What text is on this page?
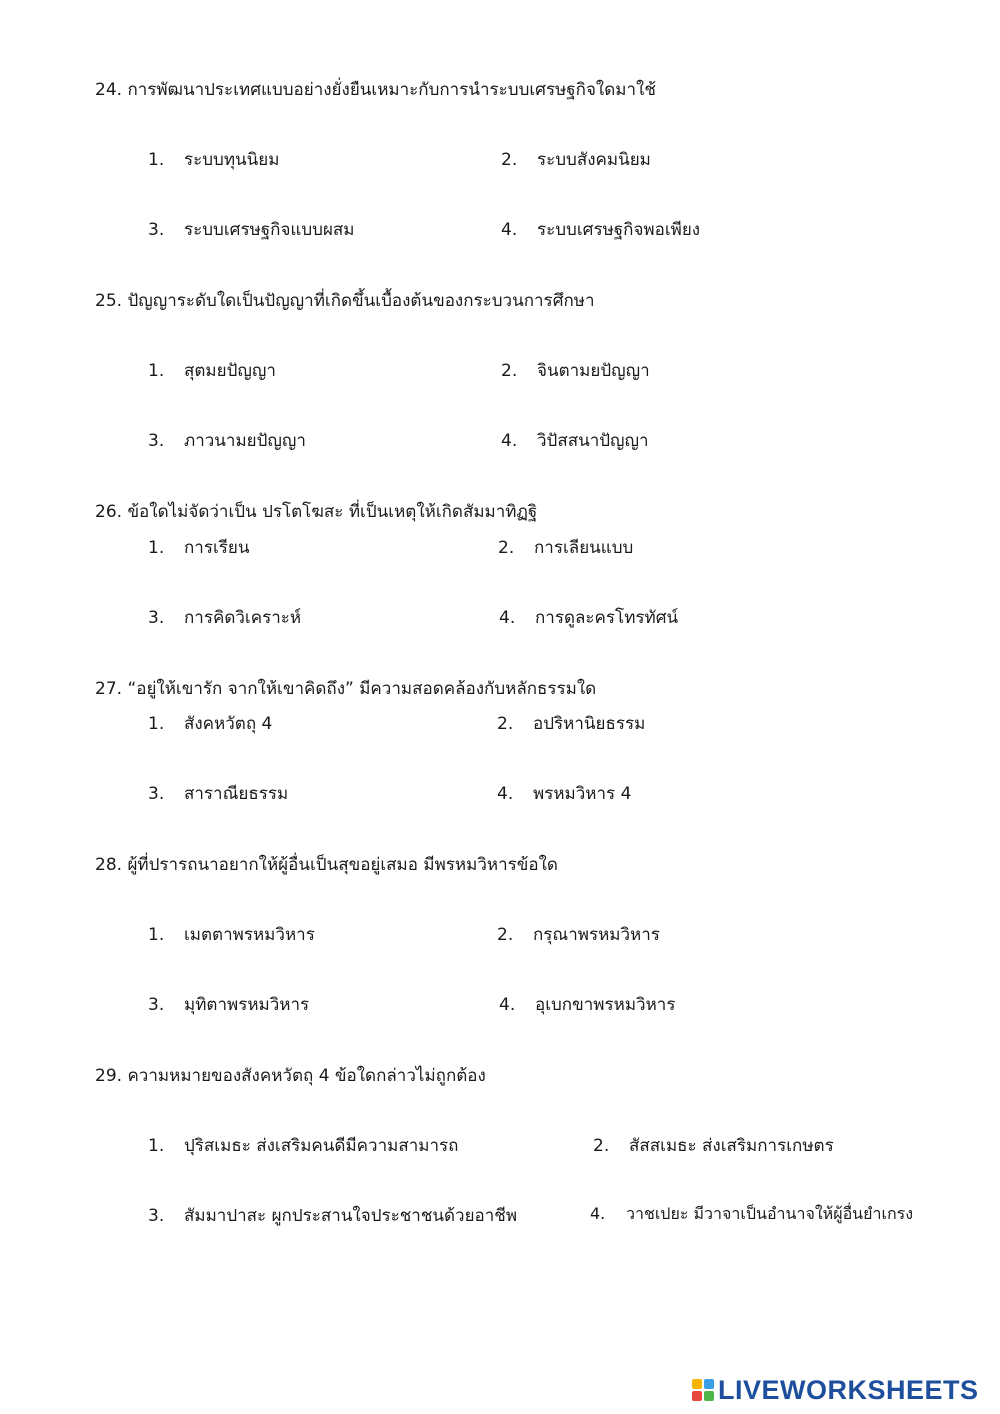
24. การพัฒนาประเทศแบบอย่างยั่งยืนเหมาะกับการนำระบบเศรษฐกิจใดมาใช้
1. ระบบทุนนิยม	2. ระบบสังคมนิยม
3. ระบบเศรษฐกิจแบบผสม	4. ระบบเศรษฐกิจพอเพียง
25. ปัญญาระดับใดเป็นปัญญาที่เกิดขึ้นเบื้องต้นของกระบวนการศึกษา
1. สุตมยปัญญา	2. จินตามยปัญญา
3. ภาวนามยปัญญา	4. วิปัสสนาปัญญา
26. ข้อใดไม่จัดว่าเป็น ปรโตโฆสะ ที่เป็นเหตุให้เกิดสัมมาทิฏฐิ
1. การเรียน	2. การเลียนแบบ
3. การคิดวิเคราะห์	4. การดูละครโทรทัศน์
27. “อยู่ให้เขารัก จากให้เขาคิดถึง” มีความสอดคล้องกับหลักธรรมใด
1. สังคหวัตถุ 4	2. อปริหานิยธรรม
3. สาราณียธรรม	4. พรหมวิหาร 4
28. ผู้ที่ปรารถนาอยากให้ผู้อื่นเป็นสุขอยู่เสมอ มีพรหมวิหารข้อใด
1. เมตตาพรหมวิหาร	2. กรุณาพรหมวิหาร
3. มุทิตาพรหมวิหาร	4. อุเบกขาพรหมวิหาร
29. ความหมายของสังคหวัตถุ 4 ข้อใดกล่าวไม่ถูกต้อง
1. ปุริสเมธะ ส่งเสริมคนดีมีความสามารถ	2. สัสสเมธะ ส่งเสริมการเกษตร
3. สัมมาปาสะ ผูกประสานใจประชาชนด้วยอาชีพ	4. วาชเปยะ มีวาจาเป็นอำนาจให้ผู้อื่นยำเกรง
LIVEWORKSHEETS
